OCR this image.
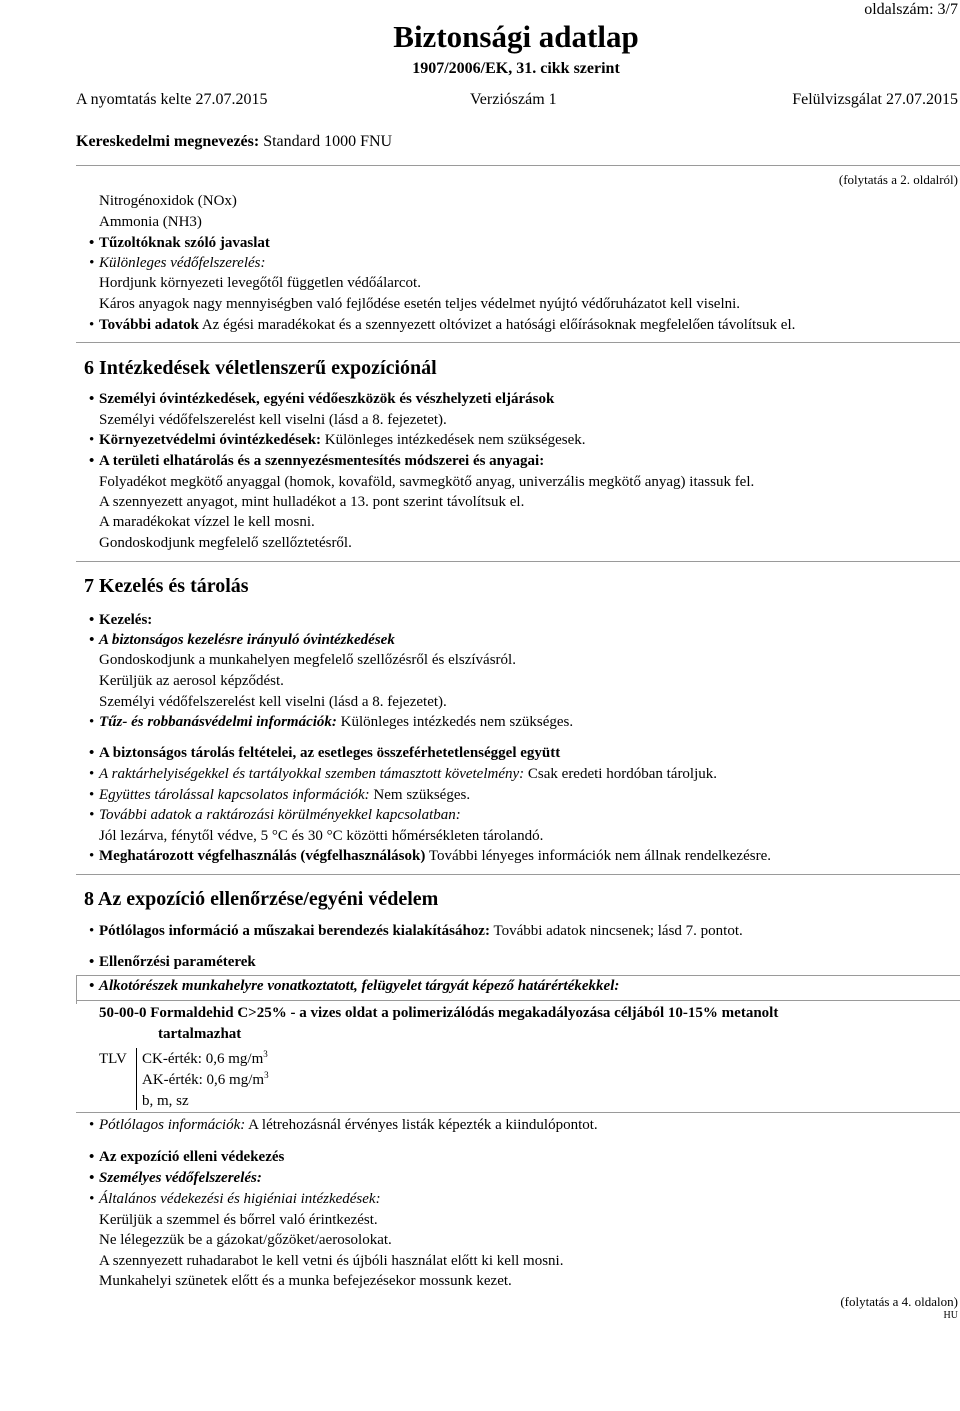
oldalszám: 3/7
Biztonsági adatlap
1907/2006/EK, 31. cikk szerint
A nyomtatás kelte 27.07.2015	Verziószám 1	Felülvizsgálat 27.07.2015
Kereskedelmi megnevezés: Standard 1000 FNU
(folytatás a 2. oldalról)
Nitrogénoxidok (NOx)
Ammonia (NH3)
• Tűzoltóknak szóló javaslat
• Különleges védőfelszerelés:
Hordjunk környezeti levegőtől független védőálarcot.
Káros anyagok nagy mennyiségben való fejlődése esetén teljes védelmet nyújtó védőruházatot kell viselni.
• További adatok Az égési maradékokat és a szennyezett oltóvizet a hatósági előírásoknak megfelelően távolítsuk el.
6 Intézkedések véletlenszerű expozíciónál
• Személyi óvintézkedések, egyéni védőeszközök és vészhelyzeti eljárások
Személyi védőfelszerelést kell viselni (lásd a 8. fejezetet).
• Környezetvédelmi óvintézkedések: Különleges intézkedések nem szükségesek.
• A területi elhatárolás és a szennyezésmentesítés módszerei és anyagai:
Folyadékot megkötő anyaggal (homok, kovaföld, savmegkötő anyag, univerzális megkötő anyag) itassuk fel.
A szennyezett anyagot, mint hulladékot a 13. pont szerint távolítsuk el.
A maradékokat vízzel le kell mosni.
Gondoskodjunk megfelelő szellőztetésről.
7 Kezelés és tárolás
• Kezelés:
• A biztonságos kezelésre irányuló óvintézkedések
Gondoskodjunk a munkahelyen megfelelő szellőzésről és elszívásról.
Kerüljük az aerosol képződést.
Személyi védőfelszerelést kell viselni (lásd a 8. fejezetet).
• Tűz- és robbanásvédelmi információk: Különleges intézkedés nem szükséges.
• A biztonságos tárolás feltételei, az esetleges összeférhetetlenséggel együtt
• A raktárhelyiségekkel és tartályokkal szemben támasztott követelmény: Csak eredeti hordóban tároljuk.
• Együttes tárolással kapcsolatos információk: Nem szükséges.
• További adatok a raktározási körülményekkel kapcsolatban:
Jól lezárva, fénytől védve, 5 °C és 30 °C közötti hőmérsékleten tárolandó.
• Meghatározott végfelhasználás (végfelhasználások) További lényeges információk nem állnak rendelkezésre.
8 Az expozíció ellenőrzése/egyéni védelem
• Pótlólagos információ a műszakai berendezés kialakításához: További adatok nincsenek; lásd 7. pontot.
• Ellenőrzési paraméterek
• Alkotórészek munkahelyre vonatkoztatott, felügyelet tárgyát képező határértékekkel:
50-00-0 Formaldehid C>25% - a vizes oldat a polimerizálódás megakadályozása céljából 10-15% metanolt
tartalmazhat
TLV CK-érték: 0,6 $mg/m^3$
AK-érték: 0,6 $mg/m^3$
b, m, sz
• Pótlólagos információk: A létrehozásnál érvényes listák képezték a kiindulópontot.
• Az expozíció elleni védekezés
• Személyes védőfelszerelés:
• Általános védekezési és higiéniai intézkedések:
Kerüljük a szemmel és bőrrel való érintkezést.
Ne lélegezzük be a gázokat/gőzöket/aerosolokat.
A szennyezett ruhadarabot le kell vetni és újbóli használat előtt ki kell mosni.
Munkahelyi szünetek előtt és a munka befejezésekor mossunk kezet.
(folytatás a 4. oldalon)
HU
